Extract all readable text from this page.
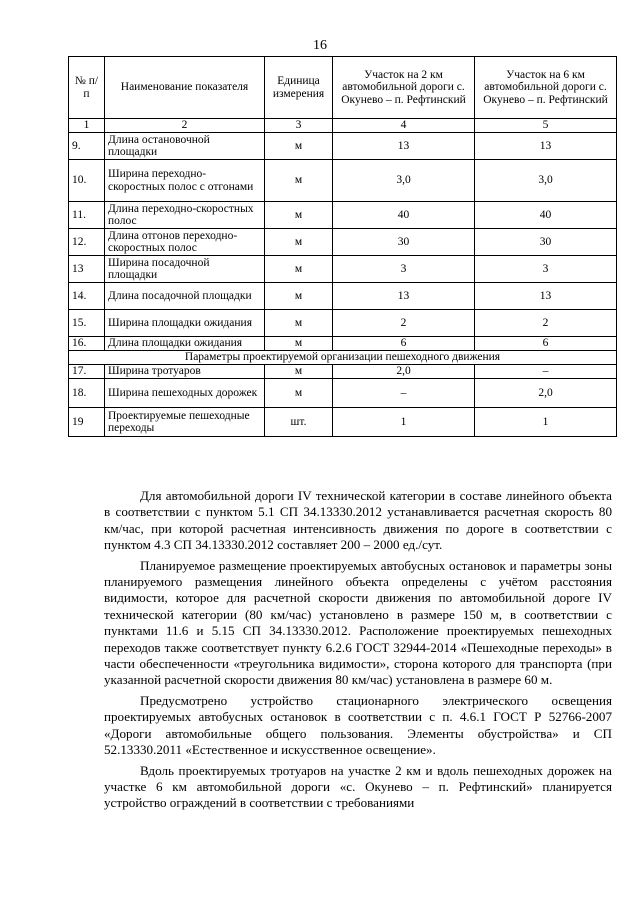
16
№ п/п	Наименование показателя	Единица измерения	Участок на 2 км автомобильной дороги с. Окунево – п. Рефтинский	Участок на 6 км автомобильной дороги с. Окунево – п. Рефтинский
1	2	3	4	5
9.	Длина остановочной площадки	м	13	13
10.	Ширина переходно-скоростных полос с отгонами	м	3,0	3,0
11.	Длина переходно-скоростных полос	м	40	40
12.	Длина отгонов переходно-скоростных полос	м	30	30
13	Ширина посадочной площадки	м	3	3
14.	Длина посадочной площадки	м	13	13
15.	Ширина площадки ожидания	м	2	2
16.	Длина площадки ожидания	м	6	6
Параметры проектируемой организации пешеходного движения				
17.	Ширина тротуаров	м	2,0	–
18.	Ширина пешеходных дорожек	м	–	2,0
19	Проектируемые пешеходные переходы	шт.	1	1

Для автомобильной дороги IV технической категории в составе линейного объекта в соответствии с пунктом 5.1 СП 34.13330.2012 устанавливается расчетная скорость 80 км/час, при которой расчетная интенсивность движения по дороге в соответствии с пунктом 4.3 СП 34.13330.2012 составляет 200 – 2000 ед./сут.

Планируемое размещение проектируемых автобусных остановок и параметры зоны планируемого размещения линейного объекта определены с учётом расстояния видимости, которое для расчетной скорости движения по автомобильной дороге IV технической категории (80 км/час) установлено в размере 150 м, в соответствии с пунктами 11.6 и 5.15 СП 34.13330.2012. Расположение проектируемых пешеходных переходов также соответствует пункту 6.2.6 ГОСТ 32944-2014 «Пешеходные переходы» в части обеспеченности «треугольника видимости», сторона которого для транспорта (при указанной расчетной скорости движения 80 км/час) установлена в размере 60 м.

Предусмотрено устройство стационарного электрического освещения проектируемых автобусных остановок в соответствии с п. 4.6.1 ГОСТ Р 52766-2007 «Дороги автомобильные общего пользования. Элементы обустройства» и СП 52.13330.2011 «Естественное и искусственное освещение».

Вдоль проектируемых тротуаров на участке 2 км и вдоль пешеходных дорожек на участке 6 км автомобильной дороги «с. Окунево – п. Рефтинский» планируется устройство ограждений в соответствии с требованиями
